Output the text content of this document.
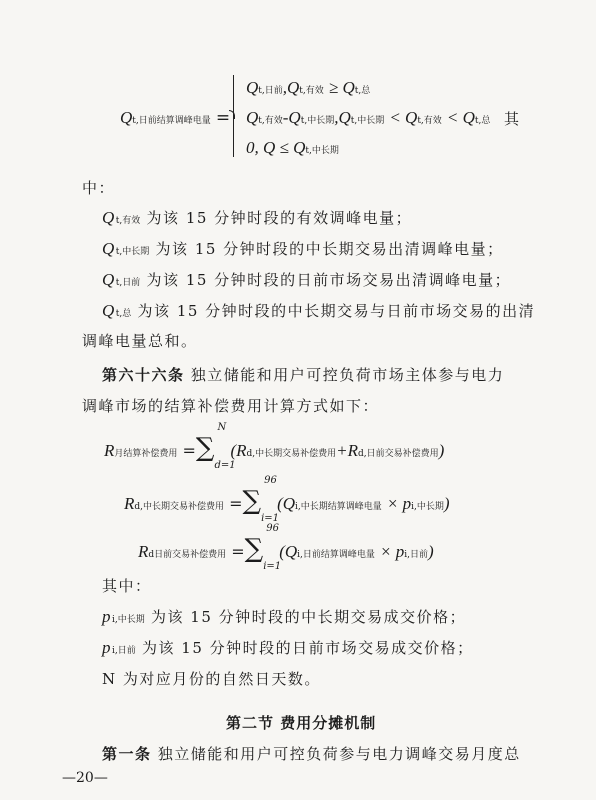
Qt,日前结算调峰电量 =
Qt,日前,Qt,有效 ≥ Qt,总
Qt,有效-Qt,中长期,Qt,中长期 < Qt,有效 < Qt,总 其
0, Q ≤ Qt,中长期
中：
Qt,有效 为该 15 分钟时段的有效调峰电量；
Qt,中长期 为该 15 分钟时段的中长期交易出清调峰电量；
Qt,日前 为该 15 分钟时段的日前市场交易出清调峰电量；
Qt,总 为该 15 分钟时段的中长期交易与日前市场交易的出清
调峰电量总和。
第六十六条 独立储能和用户可控负荷市场主体参与电力
调峰市场的结算补偿费用计算方式如下：
R月结算补偿费用 =∑
N
d=1
(Rd,中长期交易补偿费用+Rd,日前交易补偿费用)
Rd,中长期交易补偿费用 =∑
96
i=1
(Qi,中长期结算调峰电量 × pi,中长期)
Rd日前交易补偿费用 =∑
96
i=1
(Qi,日前结算调峰电量 × pi,日前)
其中：
pi,中长期 为该 15 分钟时段的中长期交易成交价格；
pi,日前 为该 15 分钟时段的日前市场交易成交价格；
N 为对应月份的自然日天数。
第二节 费用分摊机制
第一条 独立储能和用户可控负荷参与电力调峰交易月度总
—20—
